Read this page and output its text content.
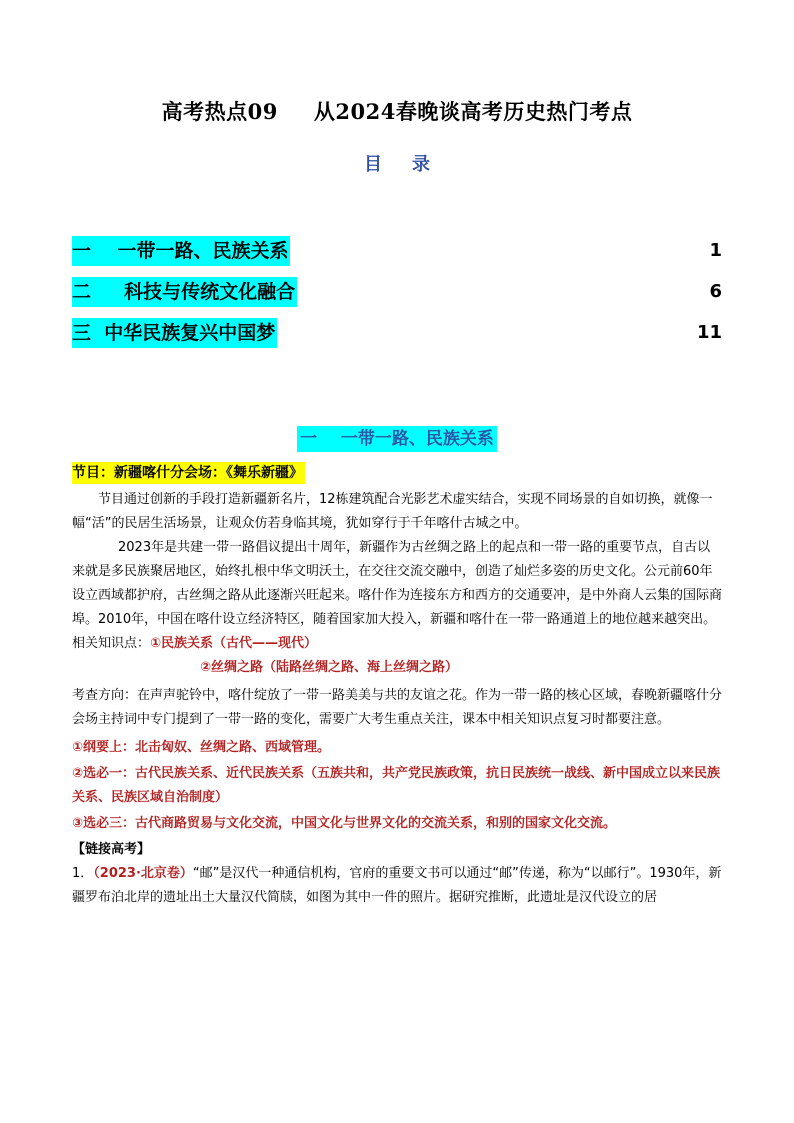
高考热点09 从2024春晚谈高考历史热门考点
目录
一    一带一路、民族关系	1
二     科技与传统文化融合	6
三  中华民族复兴中国梦	11
一    一带一路、民族关系
节目：新疆喀什分会场：《舞乐新疆》

节目通过创新的手段打造新疆新名片，12栋建筑配合光影艺术虚实结合，实现不同场景的自如切换，就像一幅“活”的民居生活场景，让观众仿若身临其境，犹如穿行于千年喀什古城之中。

2023年是共建一带一路倡议提出十周年，新疆作为古丝绸之路上的起点和一带一路的重要节点，自古以来就是多民族聚居地区，始终扎根中华文明沃土，在交往交流交融中，创造了灿烂多姿的历史文化。公元前60年设立西域都护府，古丝绸之路从此逐渐兴旺起来。喀什作为连接东方和西方的交通要冲，是中外商人云集的国际商埠。2010年，中国在喀什设立经济特区，随着国家加大投入，新疆和喀什在一带一路通道上的地位越来越突出。

相关知识点：①民族关系（古代——现代）

②丝绸之路（陆路丝绸之路、海上丝绸之路）

考查方向：在声声驼铃中，喀什绽放了一带一路美美与共的友谊之花。作为一带一路的核心区域，春晚新疆喀什分会场主持词中专门提到了一带一路的变化，需要广大考生重点关注，课本中相关知识点复习时都要注意。

①纲要上：北击匈奴、丝绸之路、西域管理。

②选必一：古代民族关系、近代民族关系（五族共和，共产党民族政策，抗日民族统一战线、新中国成立以来民族关系、民族区域自治制度）

③选必三：古代商路贸易与文化交流，中国文化与世界文化的交流关系，和别的国家文化交流。

【链接高考】

1．（2023·北京卷）“邮”是汉代一种通信机构，官府的重要文书可以通过“邮”传递，称为“以邮行”。1930年，新疆罗布泊北岸的遗址出土大量汉代简牍，如图为其中一件的照片。据研究推断，此遗址是汉代设立的居
